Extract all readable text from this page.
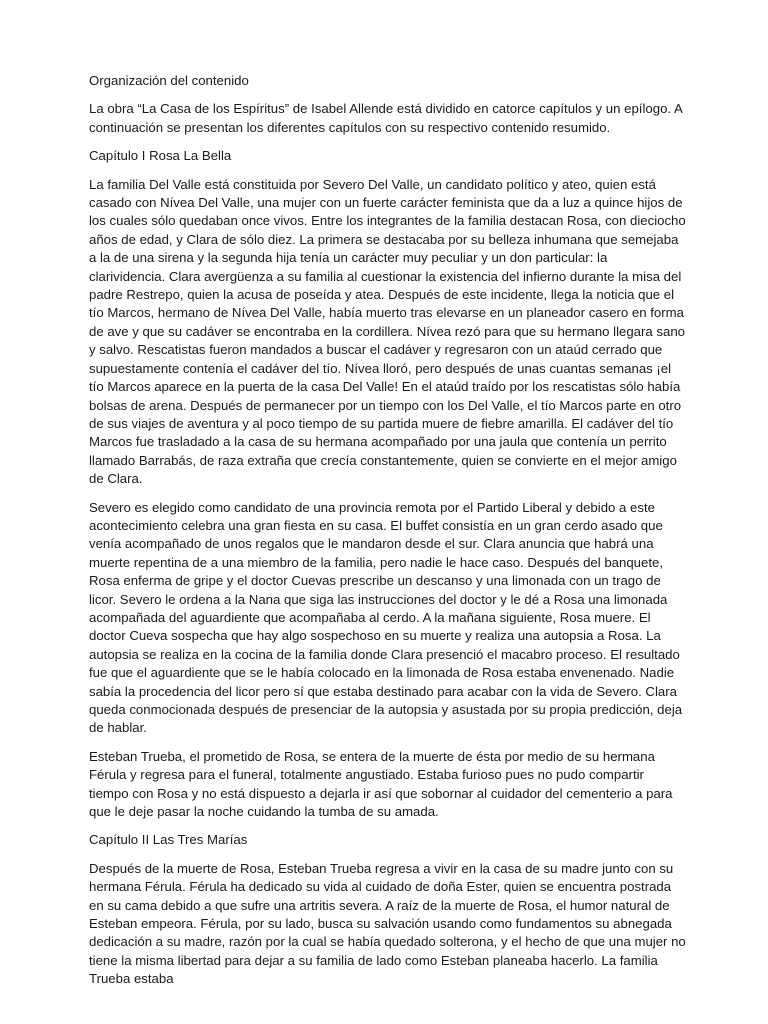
Organización del contenido

La obra “La Casa de los Espíritus” de Isabel Allende está dividido en catorce capítulos y un epílogo. A continuación se presentan los diferentes capítulos con su respectivo contenido resumido.

Capítulo I Rosa La Bella

La familia Del Valle está constituida por Severo Del Valle, un candidato político y ateo, quien está casado con Nívea Del Valle, una mujer con un fuerte carácter feminista que da a luz a quince hijos de los cuales sólo quedaban once vivos. Entre los integrantes de la familia destacan Rosa, con dieciocho años de edad, y Clara de sólo diez. La primera se destacaba por su belleza inhumana que semejaba a la de una sirena y la segunda hija tenía un carácter muy peculiar y un don particular: la clarividencia. Clara avergüenza a su familia al cuestionar la existencia del infierno durante la misa del padre Restrepo, quien la acusa de poseída y atea. Después de este incidente, llega la noticia que el tío Marcos, hermano de Nívea Del Valle, había muerto tras elevarse en un planeador casero en forma de ave y que su cadáver se encontraba en la cordillera. Nívea rezó para que su hermano llegara sano y salvo. Rescatistas fueron mandados a buscar el cadáver y regresaron con un ataúd cerrado que supuestamente contenía el cadáver del tío. Nívea lloró, pero después de unas cuantas semanas ¡el tío Marcos aparece en la puerta de la casa Del Valle! En el ataúd traído por los rescatistas sólo había bolsas de arena. Después de permanecer por un tiempo con los Del Valle, el tío Marcos parte en otro de sus viajes de aventura y al poco tiempo de su partida muere de fiebre amarilla. El cadáver del tío Marcos fue trasladado a la casa de su hermana acompañado por una jaula que contenía un perrito llamado Barrabás, de raza extraña que crecía constantemente, quien se convierte en el mejor amigo de Clara.

Severo es elegido como candidato de una provincia remota por el Partido Liberal y debido a este acontecimiento celebra una gran fiesta en su casa. El buffet consistía en un gran cerdo asado que venía acompañado de unos regalos que le mandaron desde el sur. Clara anuncia que habrá una muerte repentina de a una miembro de la familia, pero nadie le hace caso. Después del banquete, Rosa enferma de gripe y el doctor Cuevas prescribe un descanso y una limonada con un trago de licor. Severo le ordena a la Nana que siga las instrucciones del doctor y le dé a Rosa una limonada acompañada del aguardiente que acompañaba al cerdo. A la mañana siguiente, Rosa muere. El doctor Cueva sospecha que hay algo sospechoso en su muerte y realiza una autopsia a Rosa. La autopsia se realiza en la cocina de la familia donde Clara presenció el macabro proceso. El resultado fue que el aguardiente que se le había colocado en la limonada de Rosa estaba envenenado. Nadie sabía la procedencia del licor pero sí que estaba destinado para acabar con la vida de Severo. Clara queda conmocionada después de presenciar de la autopsia y asustada por su propia predicción, deja de hablar.

Esteban Trueba, el prometido de Rosa, se entera de la muerte de ésta por medio de su hermana Férula y regresa para el funeral, totalmente angustiado. Estaba furioso pues no pudo compartir tiempo con Rosa y no está dispuesto a dejarla ir así que sobornar al cuidador del cementerio a para que le deje pasar la noche cuidando la tumba de su amada.

Capítulo II Las Tres Marías

Después de la muerte de Rosa, Esteban Trueba regresa a vivir en la casa de su madre junto con su hermana Férula. Férula ha dedicado su vida al cuidado de doña Ester, quien se encuentra postrada en su cama debido a que sufre una artritis severa. A raíz de la muerte de Rosa, el humor natural de Esteban empeora. Férula, por su lado, busca su salvación usando como fundamentos su abnegada dedicación a su madre, razón por la cual se había quedado solterona, y el hecho de que una mujer no tiene la misma libertad para dejar a su familia de lado como Esteban planeaba hacerlo. La familia Trueba estaba
